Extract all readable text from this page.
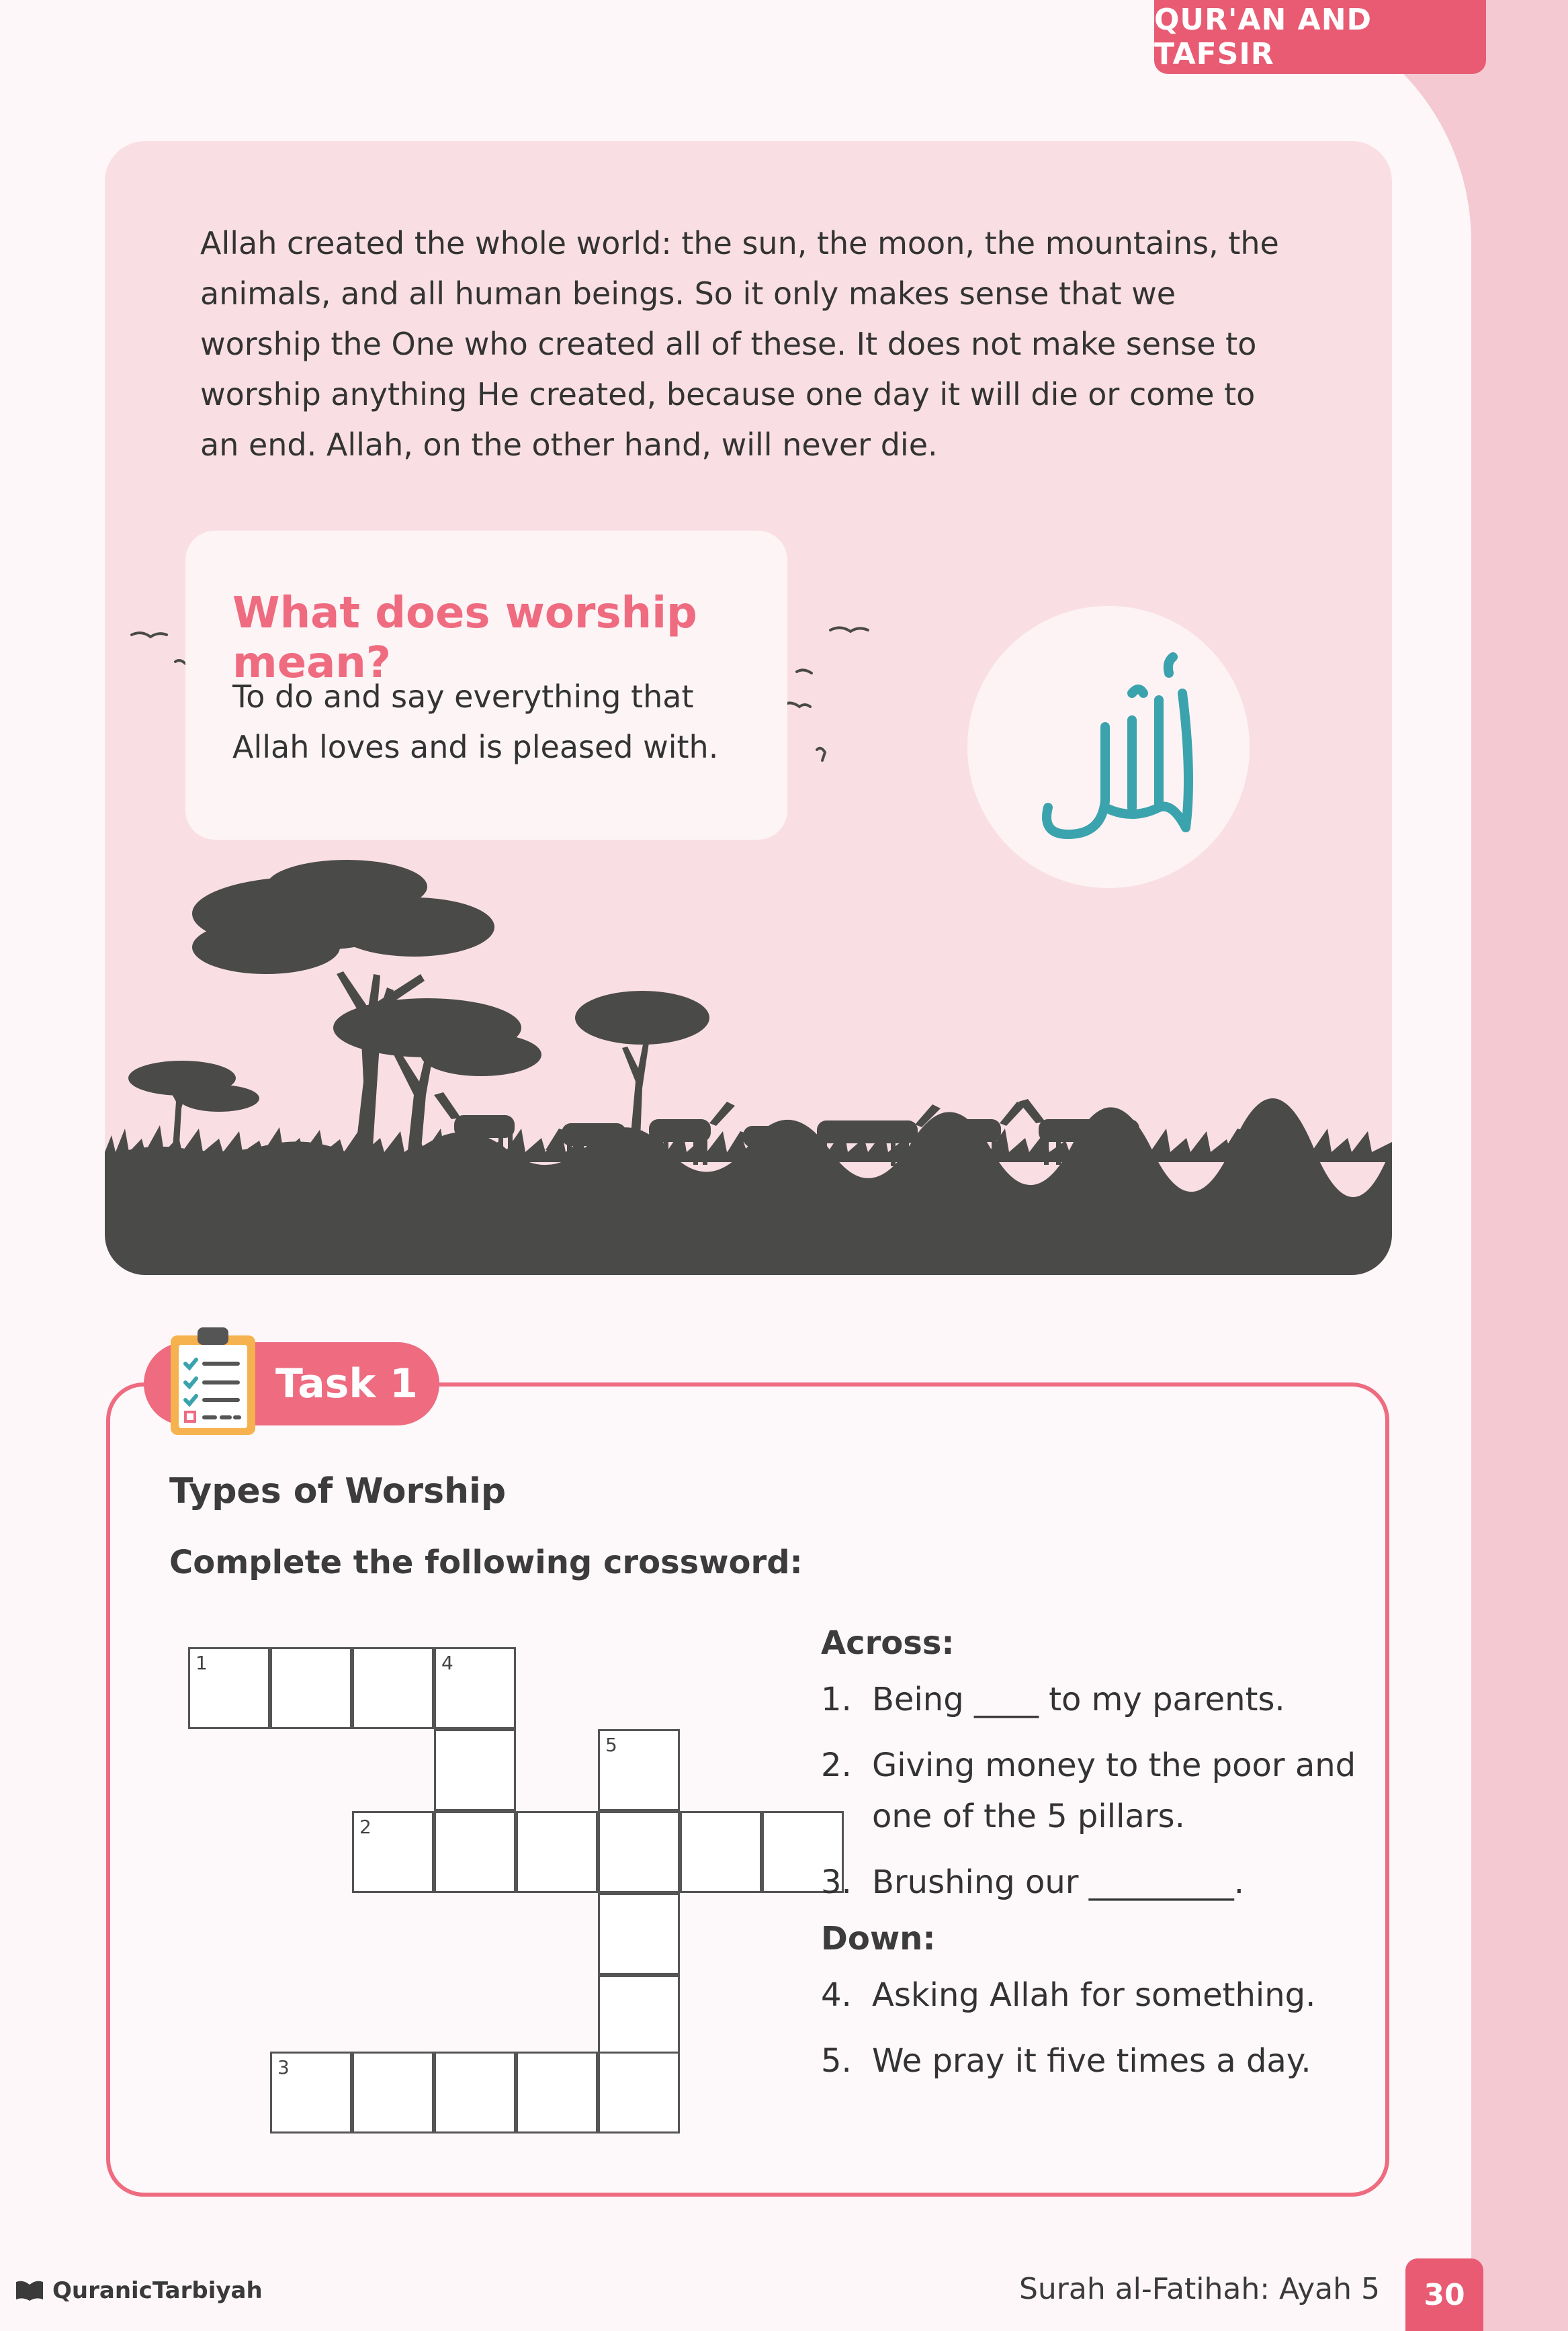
QUR'AN AND TAFSIR
Allah created the whole world: the sun, the moon, the mountains, the animals, and all human beings. So it only makes sense that we worship the One who created all of these. It does not make sense to worship anything He created, because one day it will die or come to an end. Allah, on the other hand, will never die.
What does worship mean?
To do and say everything that Allah loves and is pleased with.
Task 1
Types of Worship
Complete the following crossword:
1	4
5
2
3

Across:

1. Being ____ to my parents.

2. Giving money to the poor and one of the 5 pillars.

3. Brushing our _________.

Down:

4. Asking Allah for something.

5. We pray it five times a day.

QuranicTarbiyah	Surah al-Fatihah: Ayah 5	30
